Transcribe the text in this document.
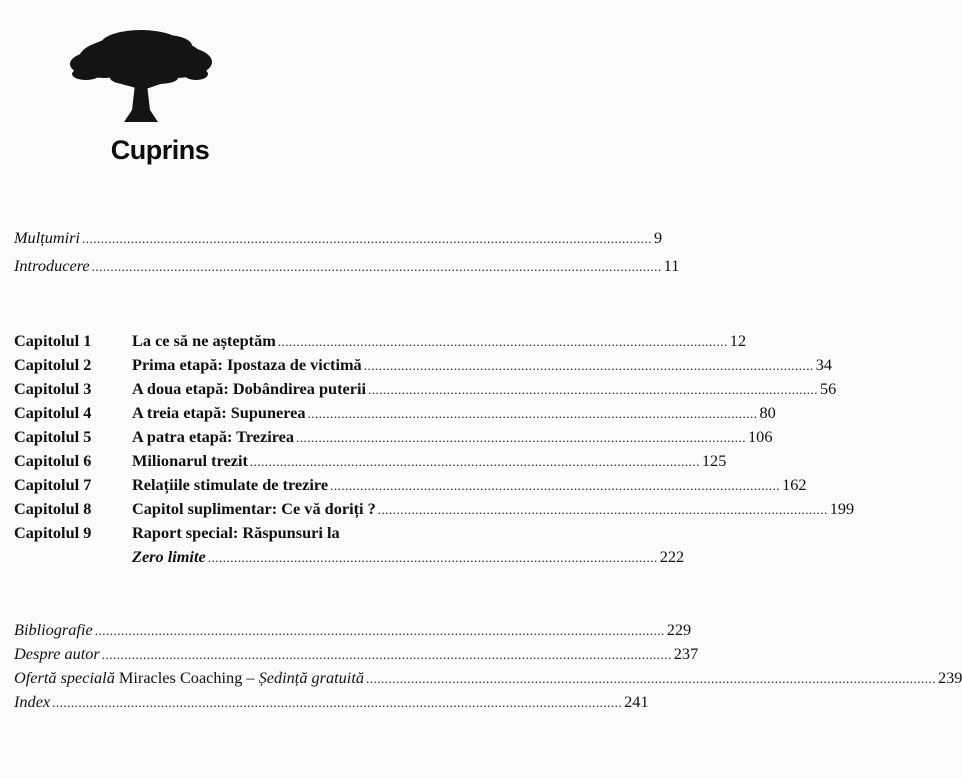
Cuprins
Mulțumiri ........................................................................................................................................................ 9
Introducere ........................................................................................................................................................ 11
Capitolul 1 La ce să ne așteptăm ........................................................................................................................ 12
Capitolul 2 Prima etapă: Ipostaza de victimă ........................................................................................................................ 34
Capitolul 3 A doua etapă: Dobândirea puterii ........................................................................................................................ 56
Capitolul 4 A treia etapă: Supunerea ........................................................................................................................ 80
Capitolul 5 A patra etapă: Trezirea ........................................................................................................................ 106
Capitolul 6 Milionarul trezit ........................................................................................................................ 125
Capitolul 7 Relațiile stimulate de trezire ........................................................................................................................ 162
Capitolul 8 Capitol suplimentar: Ce vă doriți ? ........................................................................................................................ 199
Capitolul 9 Raport special: Răspunsuri la
Zero limite ........................................................................................................................ 222
Bibliografie ........................................................................................................................................................ 229
Despre autor ........................................................................................................................................................ 237
Ofertă specială Miracles Coaching – Ședință gratuită ........................................................................................................................................................ 239
Index ........................................................................................................................................................ 241
